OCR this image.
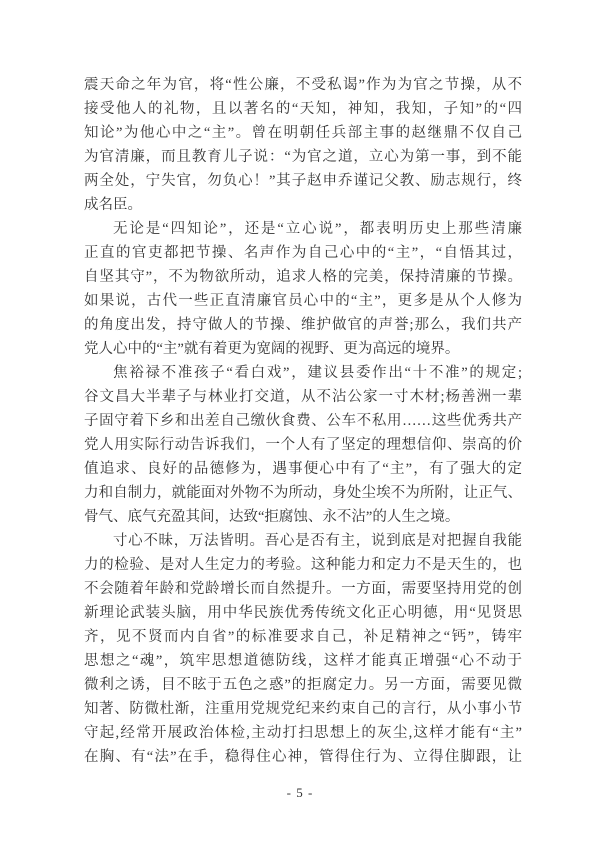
震天命之年为官，将“性公廉，不受私谒”作为为官之节操，从不
接受他人的礼物，且以著名的“天知，神知，我知，子知”的“四
知论”为他心中之“主”。曾在明朝任兵部主事的赵继鼎不仅自己
为官清廉，而且教育儿子说：“为官之道，立心为第一事，到不能
两全处，宁失官，勿负心！”其子赵申乔谨记父教、励志规行，终
成名臣。
无论是“四知论”，还是“立心说”，都表明历史上那些清廉
正直的官吏都把节操、名声作为自己心中的“主”，“自悟其过，
自坚其守”，不为物欲所动，追求人格的完美，保持清廉的节操。
如果说，古代一些正直清廉官员心中的“主”，更多是从个人修为
的角度出发，持守做人的节操、维护做官的声誉;那么，我们共产
党人心中的“主”就有着更为宽阔的视野、更为高远的境界。
焦裕禄不准孩子“看白戏”，建议县委作出“十不准”的规定;
谷文昌大半辈子与林业打交道，从不沾公家一寸木材;杨善洲一辈
子固守着下乡和出差自己缴伙食费、公车不私用……这些优秀共产
党人用实际行动告诉我们，一个人有了坚定的理想信仰、崇高的价
值追求、良好的品德修为，遇事便心中有了“主”，有了强大的定
力和自制力，就能面对外物不为所动，身处尘埃不为所附，让正气、
骨气、底气充盈其间，达致“拒腐蚀、永不沾”的人生之境。
寸心不昧，万法皆明。吾心是否有主，说到底是对把握自我能
力的检验、是对人生定力的考验。这种能力和定力不是天生的，也
不会随着年龄和党龄增长而自然提升。一方面，需要坚持用党的创
新理论武装头脑，用中华民族优秀传统文化正心明德，用“见贤思
齐，见不贤而内自省”的标准要求自己，补足精神之“钙”，铸牢
思想之“魂”，筑牢思想道德防线，这样才能真正增强“心不动于
微利之诱，目不眩于五色之惑”的拒腐定力。另一方面，需要见微
知著、防微杜渐，注重用党规党纪来约束自己的言行，从小事小节
守起,经常开展政治体检,主动打扫思想上的灰尘,这样才能有“主”
在胸、有“法”在手，稳得住心神，管得住行为、立得住脚跟，让
- 5 -
